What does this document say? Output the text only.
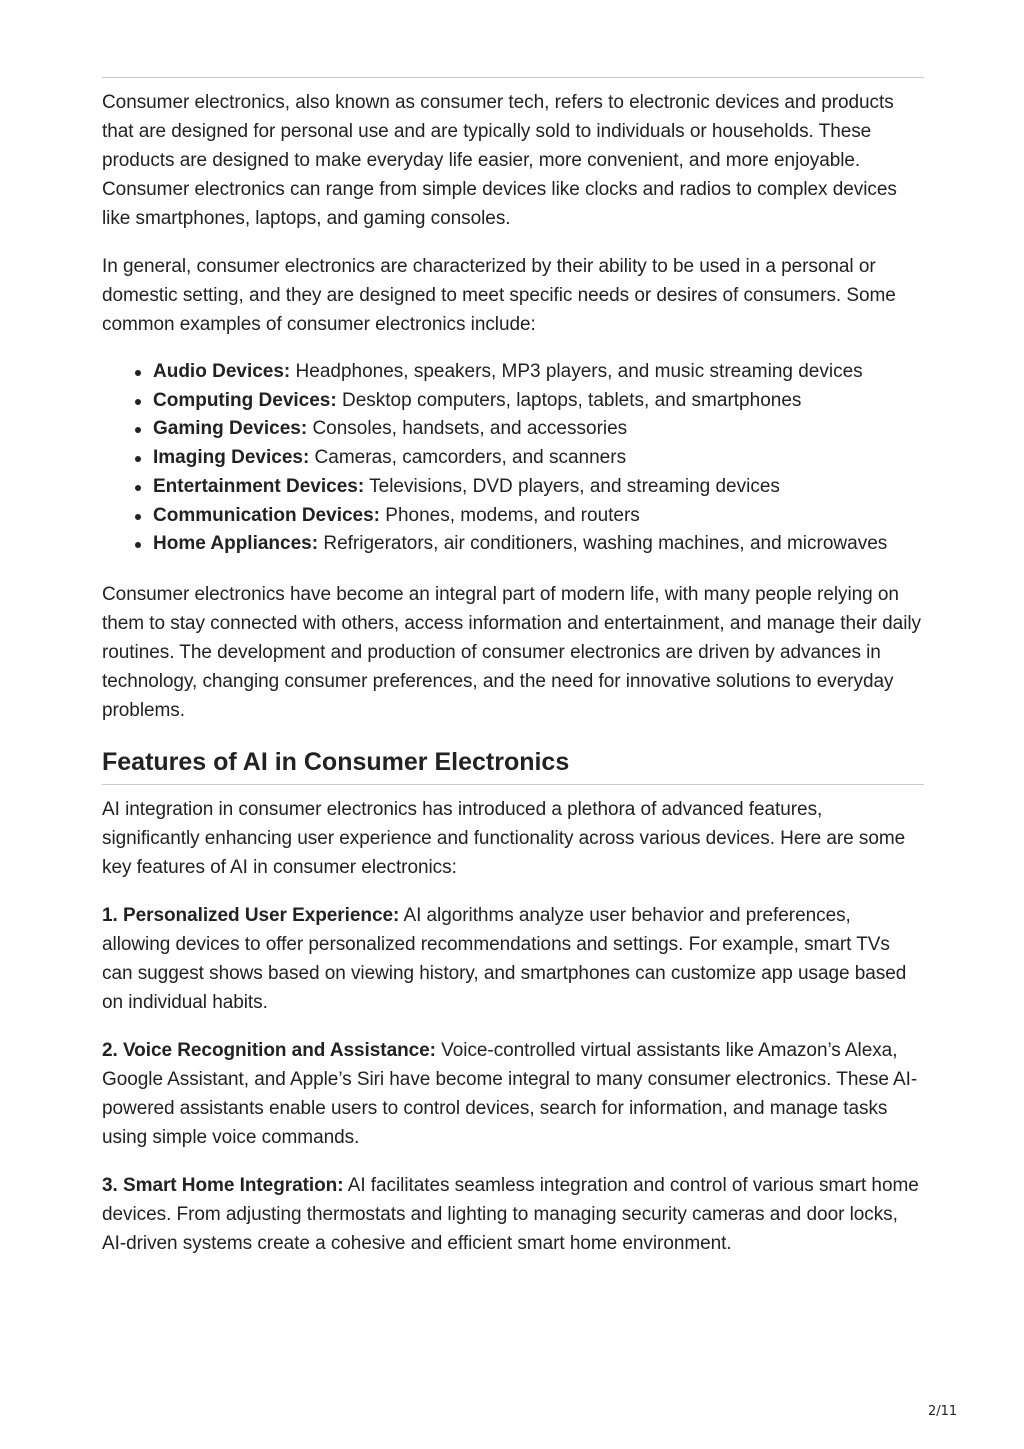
Consumer electronics, also known as consumer tech, refers to electronic devices and products that are designed for personal use and are typically sold to individuals or households. These products are designed to make everyday life easier, more convenient, and more enjoyable. Consumer electronics can range from simple devices like clocks and radios to complex devices like smartphones, laptops, and gaming consoles.

In general, consumer electronics are characterized by their ability to be used in a personal or domestic setting, and they are designed to meet specific needs or desires of consumers. Some common examples of consumer electronics include:

Audio Devices: Headphones, speakers, MP3 players, and music streaming devices
Computing Devices: Desktop computers, laptops, tablets, and smartphones
Gaming Devices: Consoles, handsets, and accessories
Imaging Devices: Cameras, camcorders, and scanners
Entertainment Devices: Televisions, DVD players, and streaming devices
Communication Devices: Phones, modems, and routers
Home Appliances: Refrigerators, air conditioners, washing machines, and microwaves

Consumer electronics have become an integral part of modern life, with many people relying on them to stay connected with others, access information and entertainment, and manage their daily routines. The development and production of consumer electronics are driven by advances in technology, changing consumer preferences, and the need for innovative solutions to everyday problems.

Features of AI in Consumer Electronics

AI integration in consumer electronics has introduced a plethora of advanced features, significantly enhancing user experience and functionality across various devices. Here are some key features of AI in consumer electronics:

1. Personalized User Experience: AI algorithms analyze user behavior and preferences, allowing devices to offer personalized recommendations and settings. For example, smart TVs can suggest shows based on viewing history, and smartphones can customize app usage based on individual habits.

2. Voice Recognition and Assistance: Voice-controlled virtual assistants like Amazon’s Alexa, Google Assistant, and Apple’s Siri have become integral to many consumer electronics. These AI-powered assistants enable users to control devices, search for information, and manage tasks using simple voice commands.

3. Smart Home Integration: AI facilitates seamless integration and control of various smart home devices. From adjusting thermostats and lighting to managing security cameras and door locks, AI-driven systems create a cohesive and efficient smart home environment.

2/11
